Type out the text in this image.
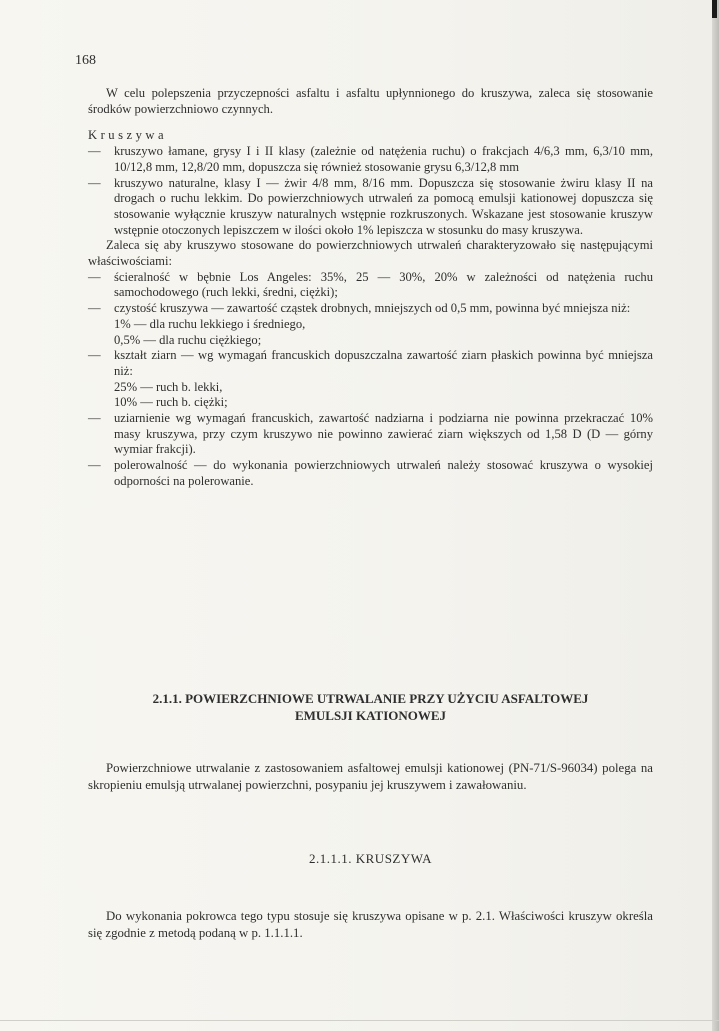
168

W celu polepszenia przyczepności asfaltu i asfaltu upłynnionego do kruszywa, zaleca się stosowanie środków powierzchniowo czynnych.

Kruszywa

— kruszywo łamane, grysy I i II klasy (zależnie od natężenia ruchu) o frakcjach 4/6,3 mm, 6,3/10 mm, 10/12,8 mm, 12,8/20 mm, dopuszcza się również stosowanie grysu 6,3/12,8 mm

— kruszywo naturalne, klasy I — żwir 4/8 mm, 8/16 mm. Dopuszcza się stosowanie żwiru klasy II na drogach o ruchu lekkim. Do powierzchniowych utrwaleń za pomocą emulsji kationowej dopuszcza się stosowanie wyłącznie kruszyw naturalnych wstępnie rozkruszonych. Wskazane jest stosowanie kruszyw wstępnie otoczonych lepiszczem w ilości około 1% lepiszcza w stosunku do masy kruszywa.

Zaleca się aby kruszywo stosowane do powierzchniowych utrwaleń charakteryzowało się następującymi właściwościami:

— ścieralność w bębnie Los Angeles: 35%, 25 — 30%, 20% w zależności od natężenia ruchu samochodowego (ruch lekki, średni, ciężki);

— czystość kruszywa — zawartość cząstek drobnych, mniejszych od 0,5 mm, powinna być mniejsza niż:

1% — dla ruchu lekkiego i średniego,

0,5% — dla ruchu ciężkiego;

— kształt ziarn — wg wymagań francuskich dopuszczalna zawartość ziarn płaskich powinna być mniejsza niż:

25% — ruch b. lekki,

10% — ruch b. ciężki;

— uziarnienie wg wymagań francuskich, zawartość nadziarna i podziarna nie powinna przekraczać 10% masy kruszywa, przy czym kruszywo nie powinno zawierać ziarn większych od 1,58 D (D — górny wymiar frakcji).

— polerowalność — do wykonania powierzchniowych utrwaleń należy stosować kruszywa o wysokiej odporności na polerowanie.

2.1.1. POWIERZCHNIOWE UTRWALANIE PRZY UŻYCIU ASFALTOWEJ
EMULSJI KATIONOWEJ

Powierzchniowe utrwalanie z zastosowaniem asfaltowej emulsji kationowej (PN-71/S-96034) polega na skropieniu emulsją utrwalanej powierzchni, posypaniu jej kruszywem i zawałowaniu.

2.1.1.1. KRUSZYWA

Do wykonania pokrowca tego typu stosuje się kruszywa opisane w p. 2.1. Właściwości kruszyw określa się zgodnie z metodą podaną w p. 1.1.1.1.
